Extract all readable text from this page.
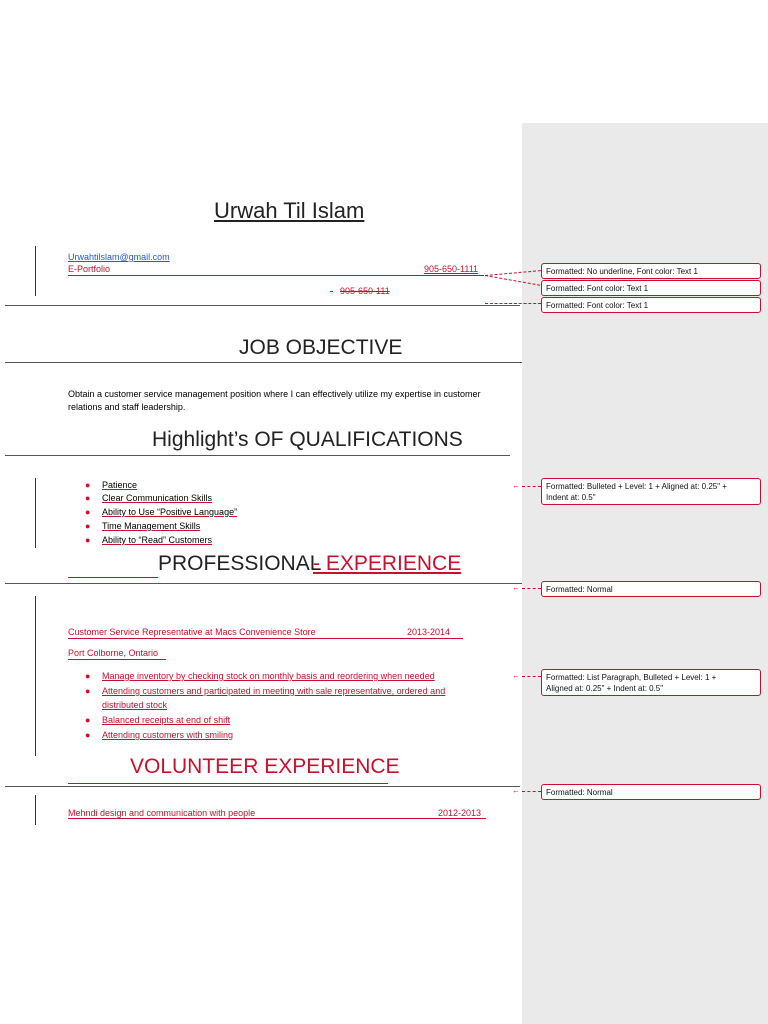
Urwah Til Islam
Urwahtilslam@gmail.com
E-Portfolio	905-650-1111
- 905-650-111
JOB OBJECTIVE
Obtain a customer service management position where I can effectively utilize my expertise in customer
relations and staff leadership.
Highlight’s OF QUALIFICATIONS
●	Patience
●	Clear Communication Skills
●	Ability to Use “Positive Language”
●	Time Management Skills
●	Ability to “Read” Customers
PROFESSIONAL
- EXPERIENCE
Customer Service Representative at Macs Convenience Store	2013-2014
Port Colborne, Ontario
●	Manage inventory by checking stock on monthly basis and reordering when needed
●	Attending customers and participated in meeting with sale representative, ordered and
distributed stock
●	Balanced receipts at end of shift
●	Attending customers with smiling
VOLUNTEER EXPERIENCE
Mehndi design and communication with people	2012-2013
Formatted: No underline, Font color: Text 1
Formatted: Font color: Text 1
Formatted: Font color: Text 1
←	Formatted: Bulleted + Level: 1 + Aligned at: 0.25" +
Indent at: 0.5"
←	Formatted: Normal
←	Formatted: List Paragraph, Bulleted + Level: 1 +
Aligned at: 0.25" + Indent at: 0.5"
←	Formatted: Normal
